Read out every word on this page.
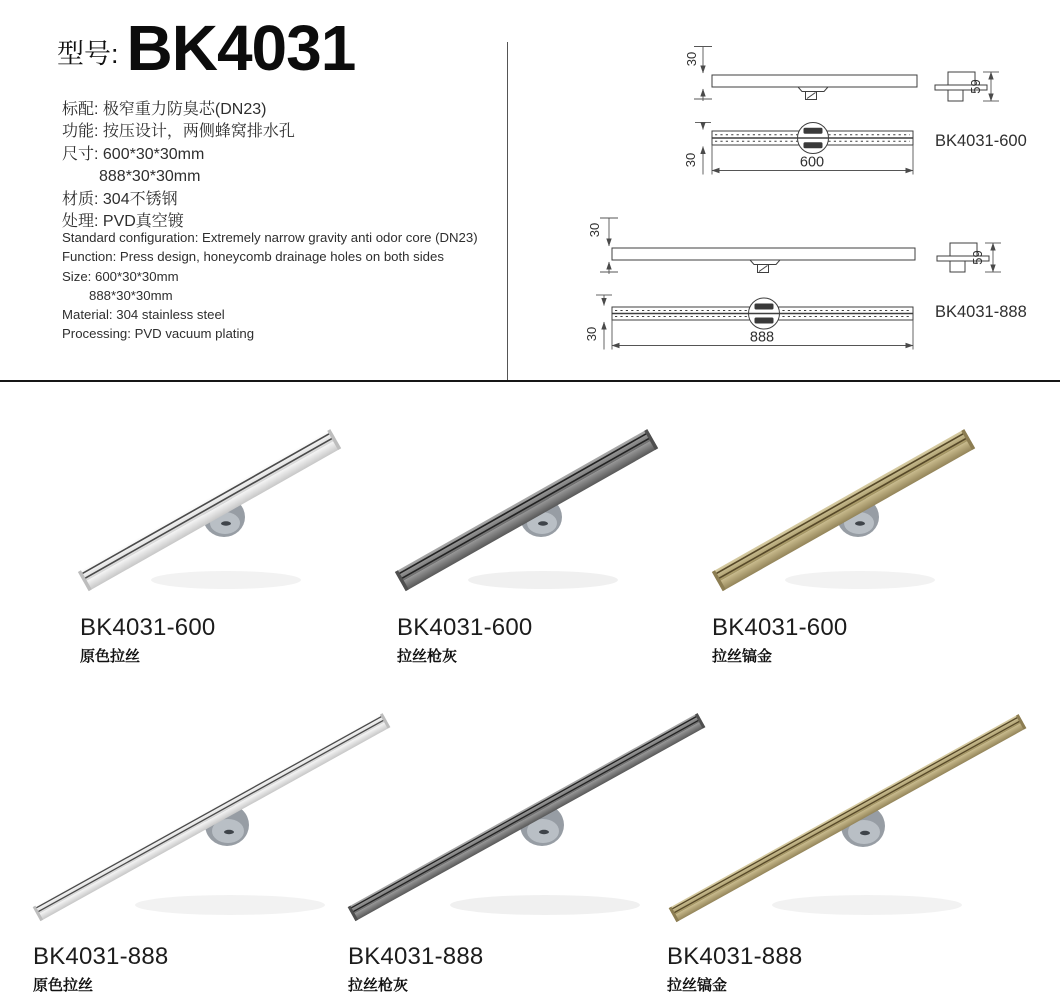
型号: BK4031
标配: 极窄重力防臭芯(DN23)
功能: 按压设计，两侧蜂窝排水孔
尺寸: 600*30*30mm
888*30*30mm
材质: 304不锈钢
处理: PVD真空镀
Standard configuration: Extremely narrow gravity anti odor core (DN23)
Function: Press design, honeycomb drainage holes on both sides
Size: 600*30*30mm
888*30*30mm
Material: 304 stainless steel
Processing: PVD vacuum plating
30
59
600
30
BK4031-600
30
59
888
30
BK4031-888
BK4031-600
原色拉丝
BK4031-600
拉丝枪灰
BK4031-600
拉丝镐金
BK4031-888
原色拉丝
BK4031-888
拉丝枪灰
BK4031-888
拉丝镐金
